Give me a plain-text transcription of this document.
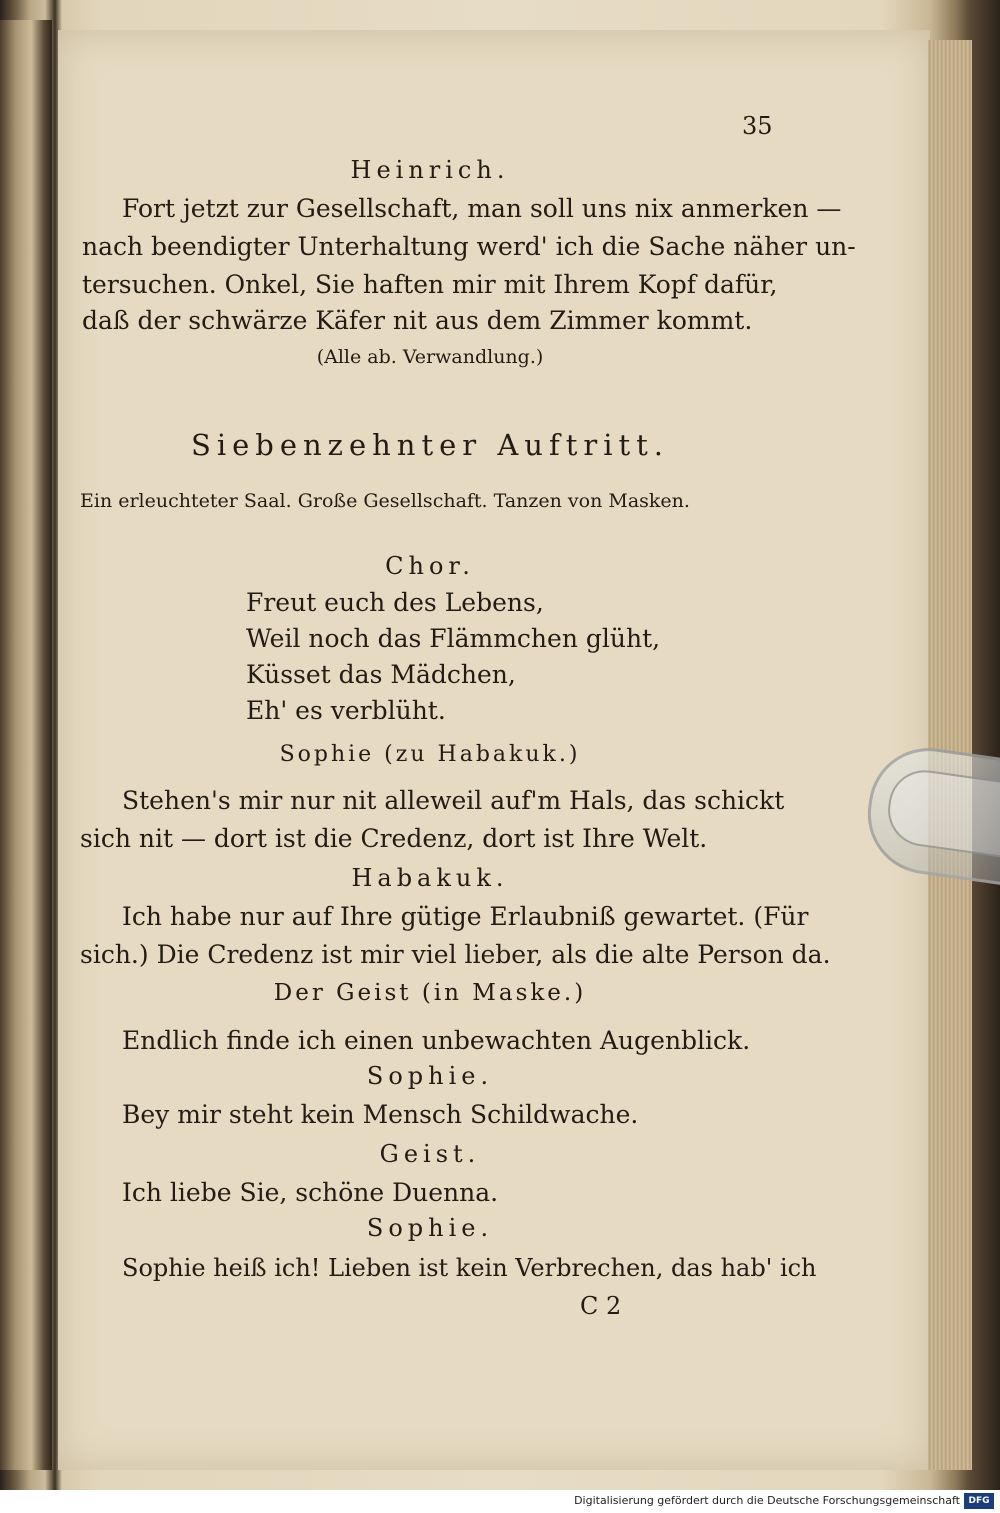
35
Heinrich.
Fort jetzt zur Gesellschaft, man soll uns nix anmerken —
nach beendigter Unterhaltung werd' ich die Sache näher un-
tersuchen. Onkel, Sie haften mir mit Ihrem Kopf dafür,
daß der schwärze Käfer nit aus dem Zimmer kommt.
(Alle ab. Verwandlung.)
Siebenzehnter Auftritt.
Ein erleuchteter Saal. Große Gesellschaft. Tanzen von Masken.
Chor.
Freut euch des Lebens,
Weil noch das Flämmchen glüht,
Küsset das Mädchen,
Eh' es verblüht.
Sophie (zu Habakuk.)
Stehen's mir nur nit alleweil auf'm Hals, das schickt
sich nit — dort ist die Credenz, dort ist Ihre Welt.
Habakuk.
Ich habe nur auf Ihre gütige Erlaubniß gewartet. (Für
sich.) Die Credenz ist mir viel lieber, als die alte Person da.
Der Geist (in Maske.)
Endlich finde ich einen unbewachten Augenblick.
Sophie.
Bey mir steht kein Mensch Schildwache.
Geist.
Ich liebe Sie, schöne Duenna.
Sophie.
Sophie heiß ich! Lieben ist kein Verbrechen, das hab' ich
C 2
Digitalisierung gefördert durch die Deutsche Forschungsgemeinschaft DFG
